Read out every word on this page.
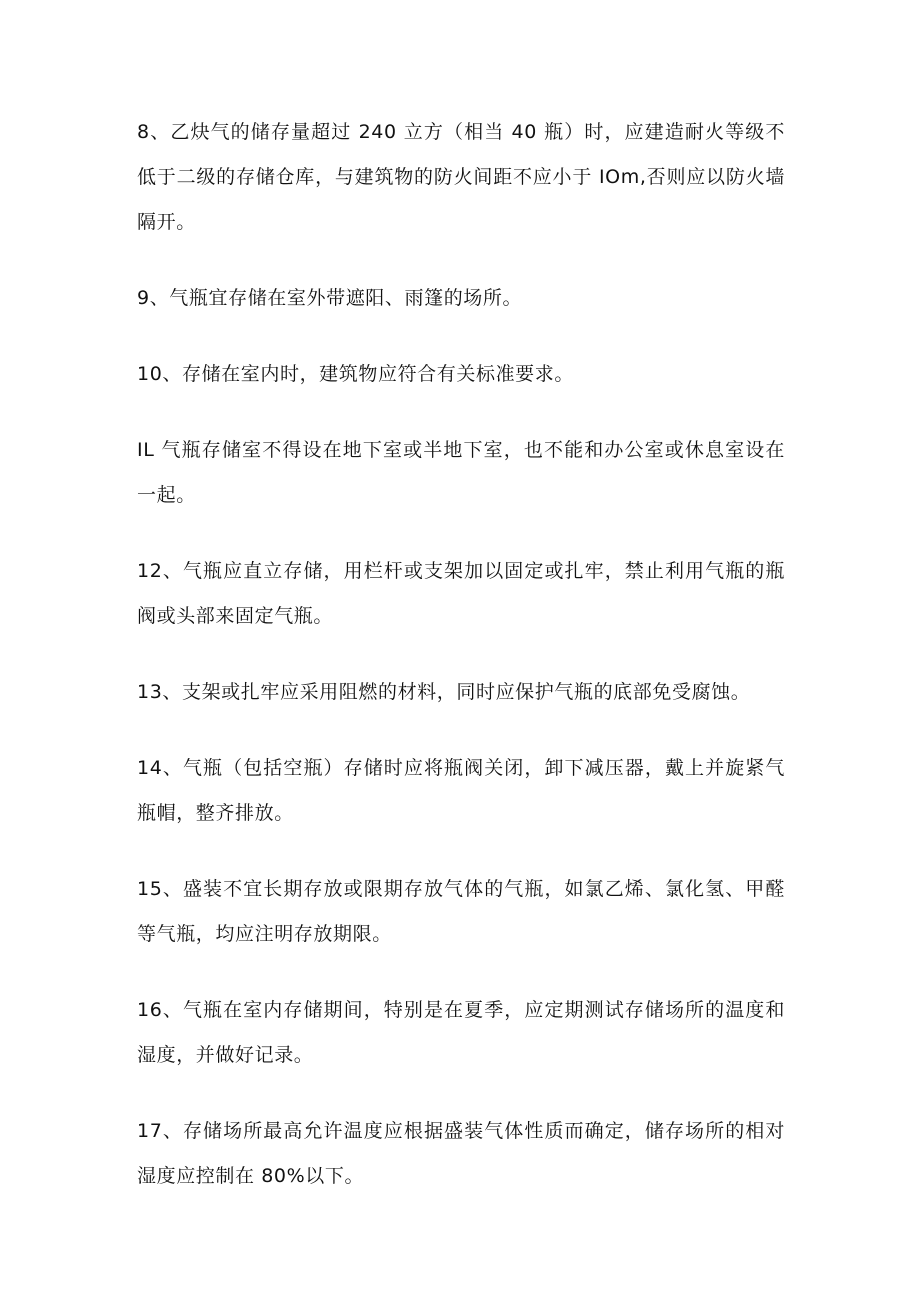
8、乙炔气的储存量超过 240 立方（相当 40 瓶）时，应建造耐火等级不低于二级的存储仓库，与建筑物的防火间距不应小于 IOm,否则应以防火墙隔开。

9、气瓶宜存储在室外带遮阳、雨篷的场所。

10、存储在室内时，建筑物应符合有关标准要求。

IL 气瓶存储室不得设在地下室或半地下室，也不能和办公室或休息室设在一起。

12、气瓶应直立存储，用栏杆或支架加以固定或扎牢，禁止利用气瓶的瓶阀或头部来固定气瓶。

13、支架或扎牢应采用阻燃的材料，同时应保护气瓶的底部免受腐蚀。

14、气瓶（包括空瓶）存储时应将瓶阀关闭，卸下减压器，戴上并旋紧气瓶帽，整齐排放。

15、盛装不宜长期存放或限期存放气体的气瓶，如氯乙烯、氯化氢、甲醛等气瓶，均应注明存放期限。

16、气瓶在室内存储期间，特别是在夏季，应定期测试存储场所的温度和湿度，并做好记录。

17、存储场所最高允许温度应根据盛装气体性质而确定，储存场所的相对湿度应控制在 80%以下。
